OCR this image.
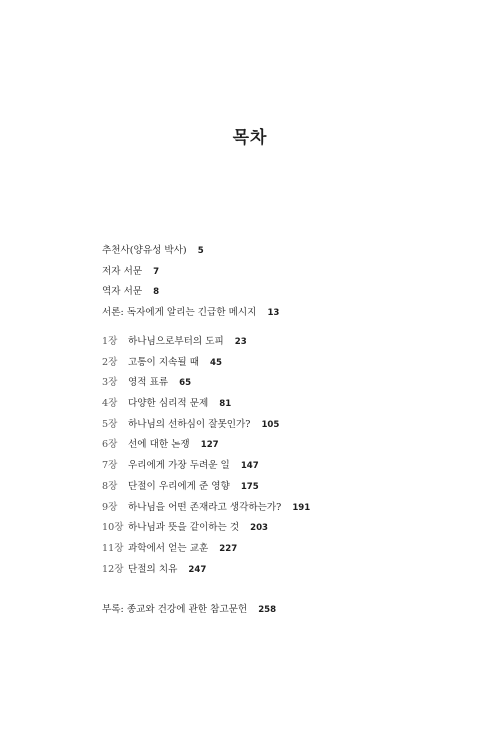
목차
추천사(양유성 박사) 5
저자 서문 7
역자 서문 8
서론: 독자에게 알리는 긴급한 메시지 13
1장 하나님으로부터의 도피 23
2장 고통이 지속될 때 45
3장 영적 표류 65
4장 다양한 심리적 문제 81
5장 하나님의 선하심이 잘못인가? 105
6장 선에 대한 논쟁 127
7장 우리에게 가장 두려운 일 147
8장 단절이 우리에게 준 영향 175
9장 하나님을 어떤 존재라고 생각하는가? 191
10장 하나님과 뜻을 같이하는 것 203
11장 과학에서 얻는 교훈 227
12장 단절의 치유 247
부록: 종교와 건강에 관한 참고문헌 258
